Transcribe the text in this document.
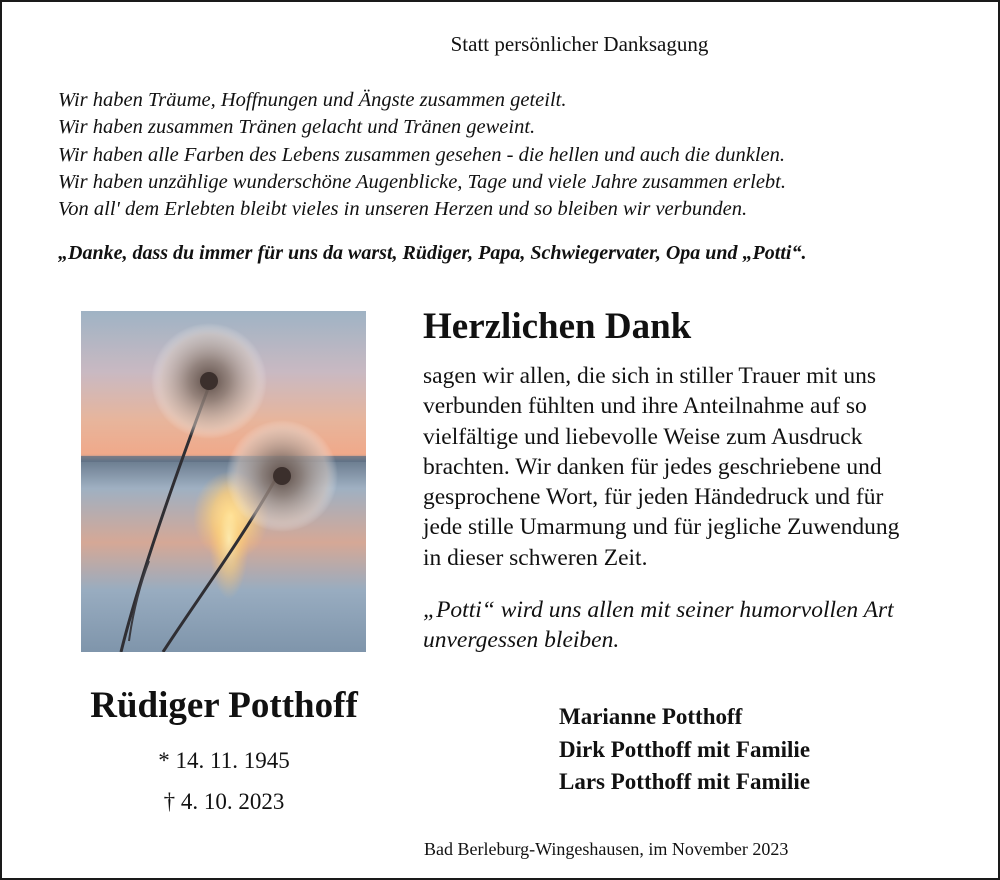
Statt persönlicher Danksagung
Wir haben Träume, Hoffnungen und Ängste zusammen geteilt.
Wir haben zusammen Tränen gelacht und Tränen geweint.
Wir haben alle Farben des Lebens zusammen gesehen - die hellen und auch die dunklen.
Wir haben unzählige wunderschöne Augenblicke, Tage und viele Jahre zusammen erlebt.
Von all' dem Erlebten bleibt vieles in unseren Herzen und so bleiben wir verbunden.
„Danke, dass du immer für uns da warst, Rüdiger, Papa, Schwiegervater, Opa und „Potti“.
Herzlichen Dank
sagen wir allen, die sich in stiller Trauer mit uns
verbunden fühlten und ihre Anteilnahme auf so
vielfältige und liebevolle Weise zum Ausdruck
brachten. Wir danken für jedes geschriebene und
gesprochene Wort, für jeden Händedruck und für
jede stille Umarmung und für jegliche Zuwendung
in dieser schweren Zeit.
„Potti“ wird uns allen mit seiner humorvollen Art
unvergessen bleiben.
Rüdiger Potthoff
* 14. 11. 1945
† 4. 10. 2023
Marianne Potthoff
Dirk Potthoff mit Familie
Lars Potthoff mit Familie
Bad Berleburg-Wingeshausen, im November 2023
